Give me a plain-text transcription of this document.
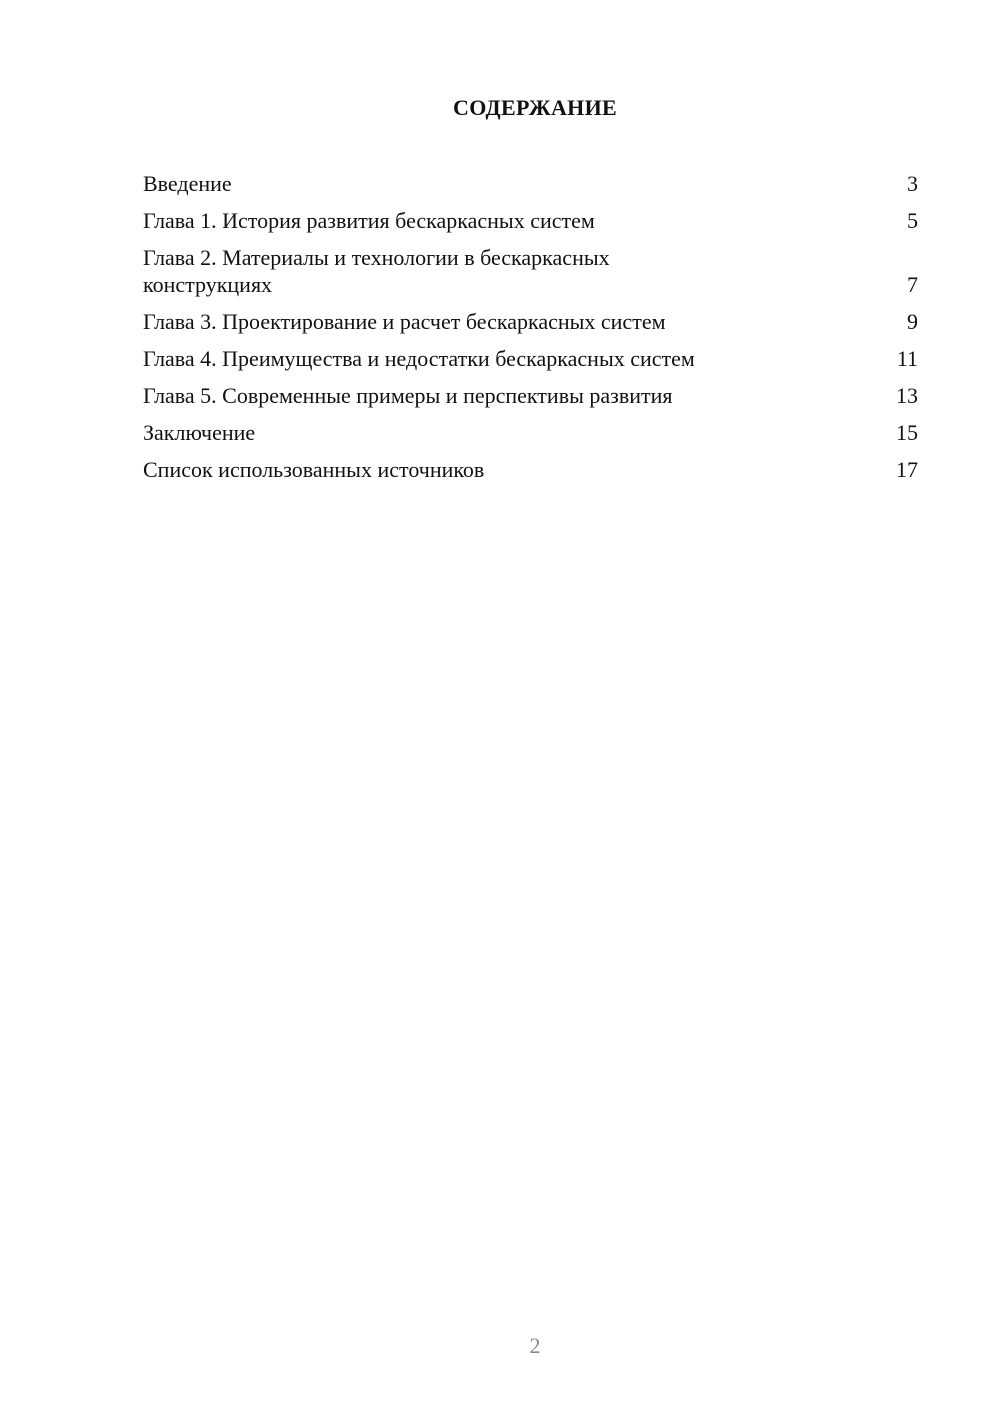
СОДЕРЖАНИЕ
Введение	3
Глава 1. История развития бескаркасных систем	5
Глава 2. Материалы и технологии в бескаркасных
конструкциях	7
Глава 3. Проектирование и расчет бескаркасных систем	9
Глава 4. Преимущества и недостатки бескаркасных систем	11
Глава 5. Современные примеры и перспективы развития	13
Заключение	15
Список использованных источников	17
2
